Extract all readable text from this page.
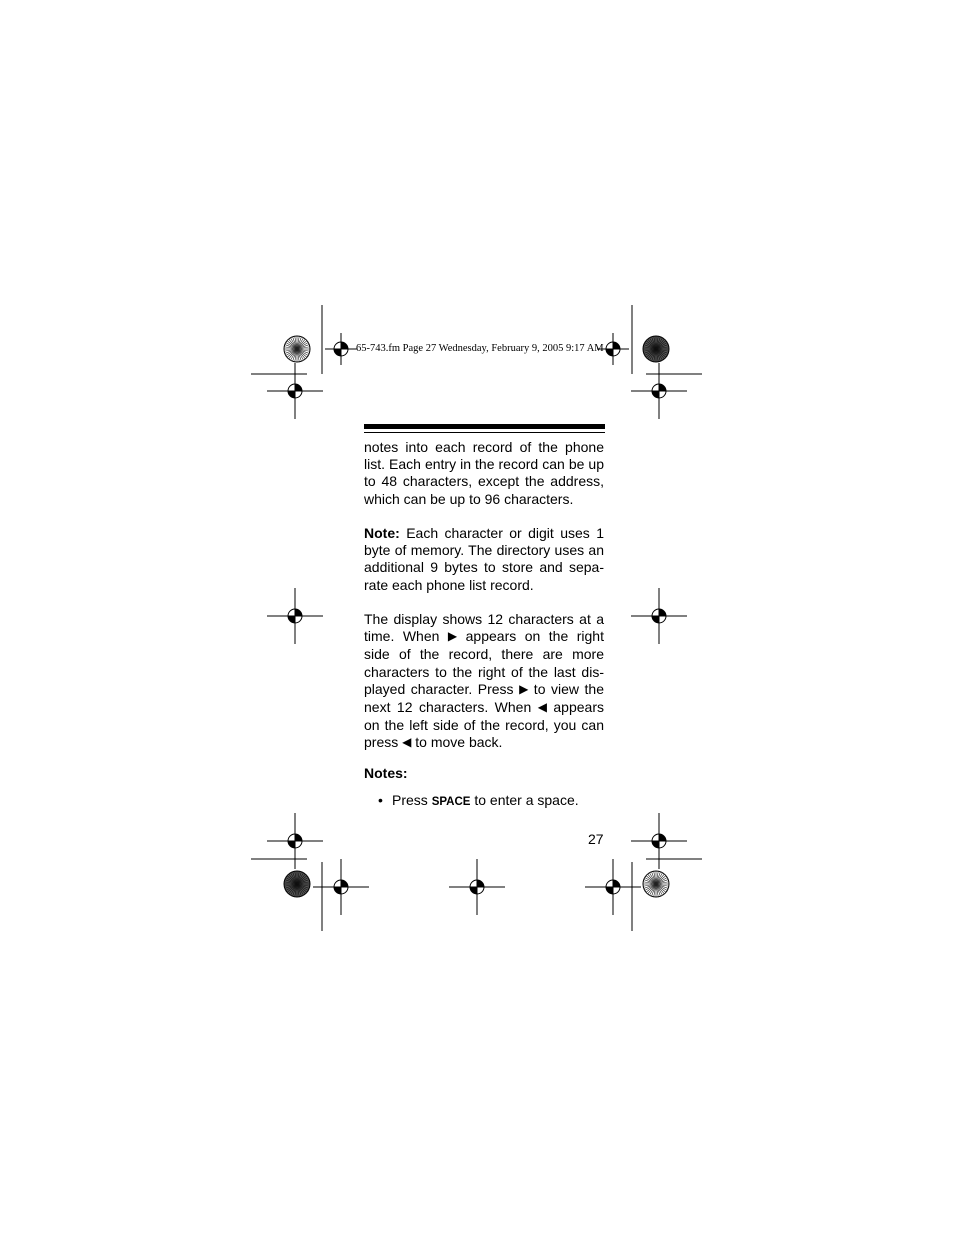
65-743.fm Page 27 Wednesday, February 9, 2005 9:17 AM
notes into each record of the phone
list. Each entry in the record can be up
to 48 characters, except the address,
which can be up to 96 characters.
Note: Each character or digit uses 1
byte of memory. The directory uses an
additional 9 bytes to store and sepa-
rate each phone list record.
The display shows 12 characters at a
time. When ▶ appears on the right
side of the record, there are more
characters to the right of the last dis-
played character. Press ▶ to view the
next 12 characters. When ◀ appears
on the left side of the record, you can
press ◀ to move back.
Notes:
• Press SPACE to enter a space.
27
